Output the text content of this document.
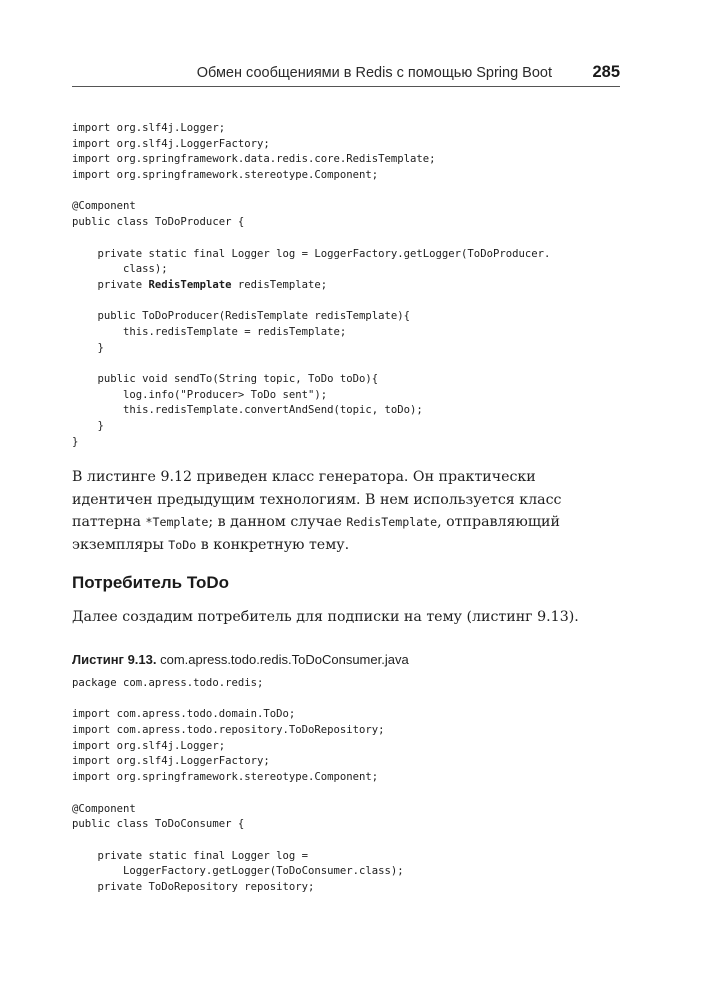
Обмен сообщениями в Redis с помощью Spring Boot 285
import org.slf4j.Logger;
import org.slf4j.LoggerFactory;
import org.springframework.data.redis.core.RedisTemplate;
import org.springframework.stereotype.Component;
@Component
public class ToDoProducer {
private static final Logger log = LoggerFactory.getLogger(ToDoProducer.
class);
private RedisTemplate redisTemplate;
public ToDoProducer(RedisTemplate redisTemplate){
this.redisTemplate = redisTemplate;
}
public void sendTo(String topic, ToDo toDo){
log.info("Producer> ToDo sent");
this.redisTemplate.convertAndSend(topic, toDo);
}
}

В листинге 9.12 приведен класс генератора. Он практически идентичен предыдущим технологиям. В нем используется класс паттерна *Template; в данном случае RedisTemplate, отправляющий экземпляры ToDo в конкретную тему.

Потребитель ToDo

Далее создадим потребитель для подписки на тему (листинг 9.13).

Листинг 9.13. com.apress.todo.redis.ToDoConsumer.java

package com.apress.todo.redis;
import com.apress.todo.domain.ToDo;
import com.apress.todo.repository.ToDoRepository;
import org.slf4j.Logger;
import org.slf4j.LoggerFactory;
import org.springframework.stereotype.Component;
@Component
public class ToDoConsumer {
private static final Logger log =
LoggerFactory.getLogger(ToDoConsumer.class);
private ToDoRepository repository;
